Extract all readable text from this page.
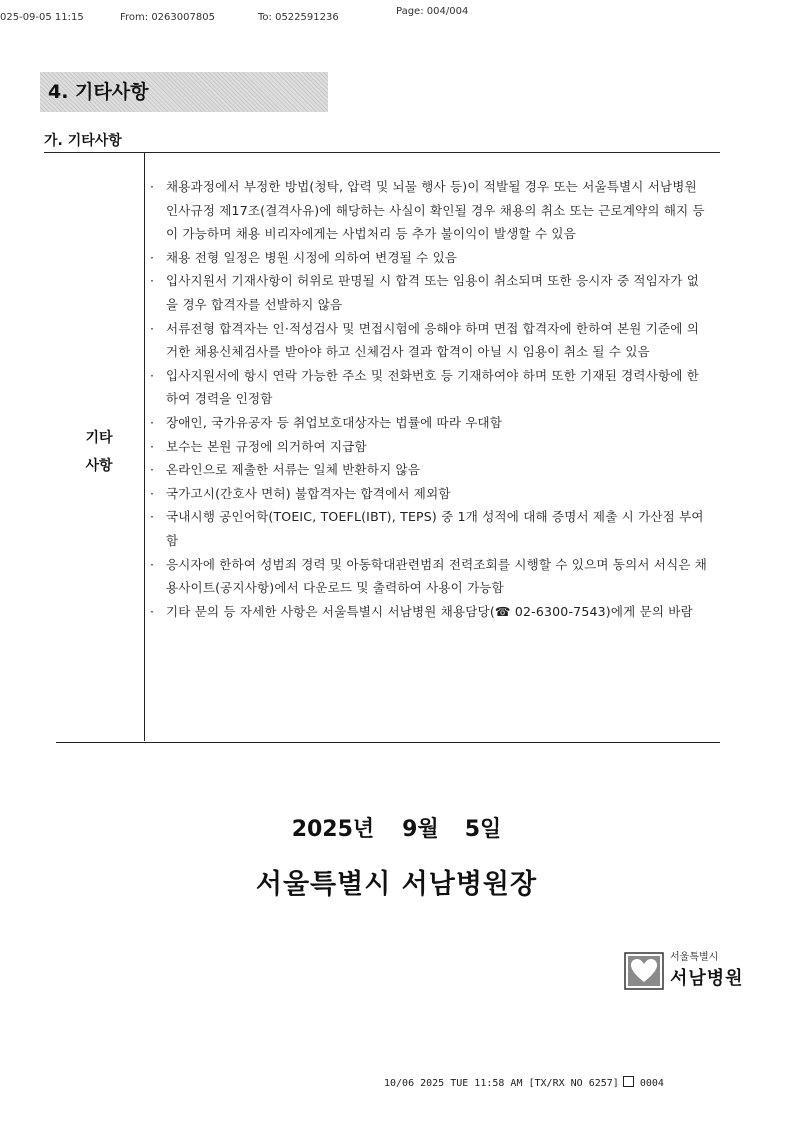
025-09-05 11:15	From: 0263007805	To: 0522591236
Page: 004/004
4. 기타사항
가. 기타사항
기타
사항
· 채용과정에서 부정한 방법(청탁, 압력 및 뇌물 행사 등)이 적발될 경우 또는 서울특별시 서남병원 인사규정 제17조(결격사유)에 해당하는 사실이 확인될 경우 채용의 취소 또는 근로계약의 해지 등이 가능하며 채용 비리자에게는 사법처리 등 추가 불이익이 발생할 수 있음
· 채용 전형 일정은 병원 시정에 의하여 변경될 수 있음
· 입사지원서 기재사항이 허위로 판명될 시 합격 또는 임용이 취소되며 또한 응시자 중 적임자가 없을 경우 합격자를 선발하지 않음
· 서류전형 합격자는 인·적성검사 및 면접시험에 응해야 하며 면접 합격자에 한하여 본원 기준에 의거한 채용신체검사를 받아야 하고 신체검사 결과 합격이 아닐 시 임용이 취소 될 수 있음
· 입사지원서에 항시 연락 가능한 주소 및 전화번호 등 기재하여야 하며 또한 기재된 경력사항에 한하여 경력을 인정함
· 장애인, 국가유공자 등 취업보호대상자는 법률에 따라 우대함
· 보수는 본원 규정에 의거하여 지급함
· 온라인으로 제출한 서류는 일체 반환하지 않음
· 국가고시(간호사 면허) 불합격자는 합격에서 제외함
· 국내시행 공인어학(TOEIC, TOEFL(IBT), TEPS) 중 1개 성적에 대해 증명서 제출 시 가산점 부여함
· 응시자에 한하여 성범죄 경력 및 아동학대관련범죄 전력조회를 시행할 수 있으며 동의서 서식은 채용사이트(공지사항)에서 다운로드 및 출력하여 사용이 가능함
· 기타 문의 등 자세한 사항은 서울특별시 서남병원 채용담당(☎ 02-6300-7543)에게 문의 바람
2025년 9월 5일
서울특별시 서남병원장
서울특별시
서남병원
10/06 2025 TUE 11:58 AM [TX/RX NO 6257] 0004
